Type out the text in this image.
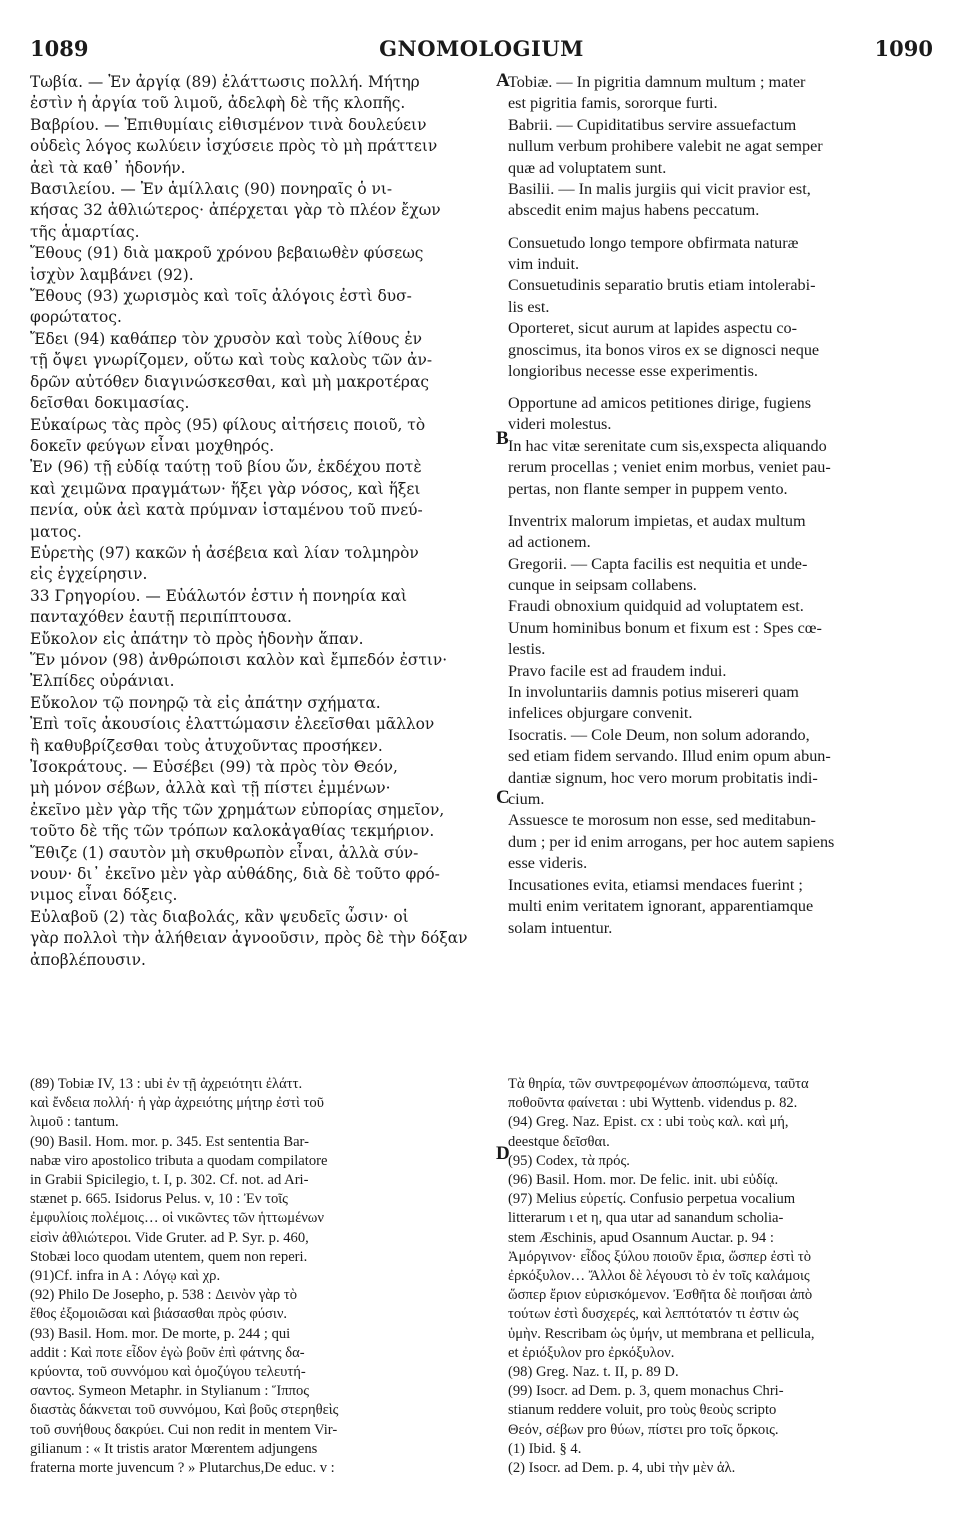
1089	GNOMOLOGIUM	1090
A
B
C
D

Τωβία. — Ἐν ἀργίᾳ (89) ἐλάττωσις πολλή. Μήτηρ

ἐστὶν ἡ ἀργία τοῦ λιμοῦ, ἀδελφὴ δὲ τῆς κλοπῆς.

Βαβρίου. — Ἐπιθυμίαις εἰθισμένον τινὰ δουλεύειν

οὐδεὶς λόγος κωλύειν ἰσχύσειε πρὸς τὸ μὴ πράττειν

ἀεὶ τὰ καθ᾽ ἡδονήν.

Βασιλείου. — Ἐν ἁμίλλαις (90) πονηραῖς ὁ νι-

κήσας 32 ἀθλιώτερος· ἀπέρχεται γὰρ τὸ πλέον ἔχων

τῆς ἁμαρτίας.

Ἔθους (91) διὰ μακροῦ χρόνου βεβαιωθὲν φύσεως

ἰσχὺν λαμβάνει (92).

Ἔθους (93) χωρισμὸς καὶ τοῖς ἀλόγοις ἐστὶ δυσ-

φορώτατος.

Ἔδει (94) καθάπερ τὸν χρυσὸν καὶ τοὺς λίθους ἐν

τῇ ὄψει γνωρίζομεν, οὕτω καὶ τοὺς καλοὺς τῶν ἀν-

δρῶν αὐτόθεν διαγινώσκεσθαι, καὶ μὴ μακροτέρας

δεῖσθαι δοκιμασίας.

Εὐκαίρως τὰς πρὸς (95) φίλους αἰτήσεις ποιοῦ, τὸ

δοκεῖν φεύγων εἶναι μοχθηρός.

Ἐν (96) τῇ εὐδίᾳ ταύτῃ τοῦ βίου ὤν, ἐκδέχου ποτὲ

καὶ χειμῶνα πραγμάτων· ἥξει γὰρ νόσος, καὶ ἥξει

πενία, οὐκ ἀεὶ κατὰ πρύμναν ἱσταμένου τοῦ πνεύ-

ματος.

Εὑρετὴς (97) κακῶν ἡ ἀσέβεια καὶ λίαν τολμηρὸν

εἰς ἐγχείρησιν.

33 Γρηγορίου. — Εὐάλωτόν ἐστιν ἡ πονηρία καὶ

πανταχόθεν ἑαυτῇ περιπίπτουσα.

Εὔκολον εἰς ἀπάτην τὸ πρὸς ἡδονὴν ἅπαν.

Ἕν μόνον (98) ἀνθρώποισι καλὸν καὶ ἔμπεδόν ἐστιν·

Ἐλπίδες οὐράνιαι.

Εὔκολον τῷ πονηρῷ τὰ εἰς ἀπάτην σχήματα.

Ἐπὶ τοῖς ἀκουσίοις ἐλαττώμασιν ἐλεεῖσθαι μᾶλλον

ἢ καθυβρίζεσθαι τοὺς ἀτυχοῦντας προσήκεν.

Ἰσοκράτους. — Εὐσέβει (99) τὰ πρὸς τὸν Θεόν,

μὴ μόνον σέβων, ἀλλὰ καὶ τῇ πίστει ἐμμένων·

ἐκεῖνο μὲν γὰρ τῆς τῶν χρημάτων εὐπορίας σημεῖον,

τοῦτο δὲ τῆς τῶν τρόπων καλοκἀγαθίας τεκμήριον.

Ἔθιζε (1) σαυτὸν μὴ σκυθρωπὸν εἶναι, ἀλλὰ σύν-

νουν· δι᾽ ἐκεῖνο μὲν γὰρ αὐθάδης, διὰ δὲ τοῦτο φρό-

νιμος εἶναι δόξεις.

Εὐλαβοῦ (2) τὰς διαβολάς, κἂν ψευδεῖς ὦσιν· οἱ

γὰρ πολλοὶ τὴν ἀλήθειαν ἀγνοοῦσιν, πρὸς δὲ τὴν δόξαν

ἀποβλέπουσιν.

Tobiæ. — In pigritia damnum multum ; mater

est pigritia famis, sororque furti.

Babrii. — Cupiditatibus servire assuefactum

nullum verbum prohibere valebit ne agat semper

quæ ad voluptatem sunt.

Basilii. — In malis jurgiis qui vicit pravior est,

abscedit enim majus habens peccatum.

Consuetudo longo tempore obfirmata naturæ

vim induit.

Consuetudinis separatio brutis etiam intolerabi-

lis est.

Oporteret, sicut aurum at lapides aspectu co-

gnoscimus, ita bonos viros ex se dignosci neque

longioribus necesse esse experimentis.

Opportune ad amicos petitiones dirige, fugiens

videri molestus.

In hac vitæ serenitate cum sis,exspecta aliquando

rerum procellas ; veniet enim morbus, veniet pau-

pertas, non flante semper in puppem vento.

Inventrix malorum impietas, et audax multum

ad actionem.

Gregorii. — Capta facilis est nequitia et unde-

cunque in seipsam collabens.

Fraudi obnoxium quidquid ad voluptatem est.

Unum hominibus bonum et fixum est : Spes cœ-

lestis.

Pravo facile est ad fraudem indui.

In involuntariis damnis potius misereri quam

infelices objurgare convenit.

Isocratis. — Cole Deum, non solum adorando,

sed etiam fidem servando. Illud enim opum abun-

dantiæ signum, hoc vero morum probitatis indi-

cium.

Assuesce te morosum non esse, sed meditabun-

dum ; per id enim arrogans, per hoc autem sapiens

esse videris.

Incusationes evita, etiamsi mendaces fuerint ;

multi enim veritatem ignorant, apparentiamque

solam intuentur.

(89) Tobiæ IV, 13 : ubi ἐν τῇ ἀχρειότητι ἐλάττ.

καὶ ἔνδεια πολλή· ἡ γὰρ ἀχρειότης μήτηρ ἐστὶ τοῦ

λιμοῦ : tantum.

(90) Basil. Hom. mor. p. 345. Est sententia Bar-

nabæ viro apostolico tributa a quodam compilatore

in Grabii Spicilegio, t. I, p. 302. Cf. not. ad Ari-

stænet p. 665. Isidorus Pelus. v, 10 : Ἐν τοῖς

ἐμφυλίοις πολέμοις… οἱ νικῶντες τῶν ἡττωμένων

εἰσὶν ἀθλιώτεροι. Vide Gruter. ad P. Syr. p. 460,

Stobæi loco quodam utentem, quem non reperi.

(91)Cf. infra in A : Λόγῳ καὶ χρ.

(92) Philo De Josepho, p. 538 : Δεινὸν γὰρ τὸ

ἔθος ἐξομοιῶσαι καὶ βιάσασθαι πρὸς φύσιν.

(93) Basil. Hom. mor. De morte, p. 244 ; qui

addit : Καὶ ποτε εἶδον ἐγὼ βοῦν ἐπὶ φάτνης δα-

κρύοντα, τοῦ συννόμου καὶ ὁμοζύγου τελευτή-

σαντος. Symeon Metaphr. in Stylianum : Ἵππος

διαστὰς δάκνεται τοῦ συννόμου, Καὶ βοῦς στερηθεὶς

τοῦ συνήθους δακρύει. Cui non redit in mentem Vir-

gilianum : « It tristis arator Mœrentem adjungens

fraterna morte juvencum ? » Plutarchus,De educ. v :

Τὰ θηρία, τῶν συντρεφομένων ἀποσπώμενα, ταῦτα

ποθοῦντα φαίνεται : ubi Wyttenb. videndus p. 82.

(94) Greg. Naz. Epist. cx : ubi τοὺς καλ. καὶ μή,

deestque δεῖσθαι.

(95) Codex, τὰ πρός.

(96) Basil. Hom. mor. De felic. init. ubi εὐδίᾳ.

(97) Melius εὑρετίς. Confusio perpetua vocalium

litterarum ι et η, qua utar ad sanandum scholia-

stem Æschinis, apud Osannum Auctar. p. 94 :

Ἀμόργινον· εἶδος ξύλου ποιοῦν ἔρια, ὥσπερ ἐστὶ τὸ

ἐρκόξυλον… Ἄλλοι δὲ λέγουσι τὸ ἐν τοῖς καλάμοις

ὥσπερ ἔριον εὑρισκόμενον. Ἐσθῆτα δὲ ποιῆσαι ἀπὸ

τούτων ἐστὶ δυσχερές, καὶ λεπτότατόν τι ἐστιν ὡς

ὑμὴν. Rescribam ὡς ὑμήν, ut membrana et pellicula,

et ἐριόξυλον pro ἐρκόξυλον.

(98) Greg. Naz. t. II, p. 89 D.

(99) Isocr. ad Dem. p. 3, quem monachus Chri-

stianum reddere voluit, pro τοὺς θεοὺς scripto

Θεόν, σέβων pro θύων, πίστει pro τοῖς ὅρκοις.

(1) Ibid. § 4.

(2) Isocr. ad Dem. p. 4, ubi τὴν μὲν ἀλ.
